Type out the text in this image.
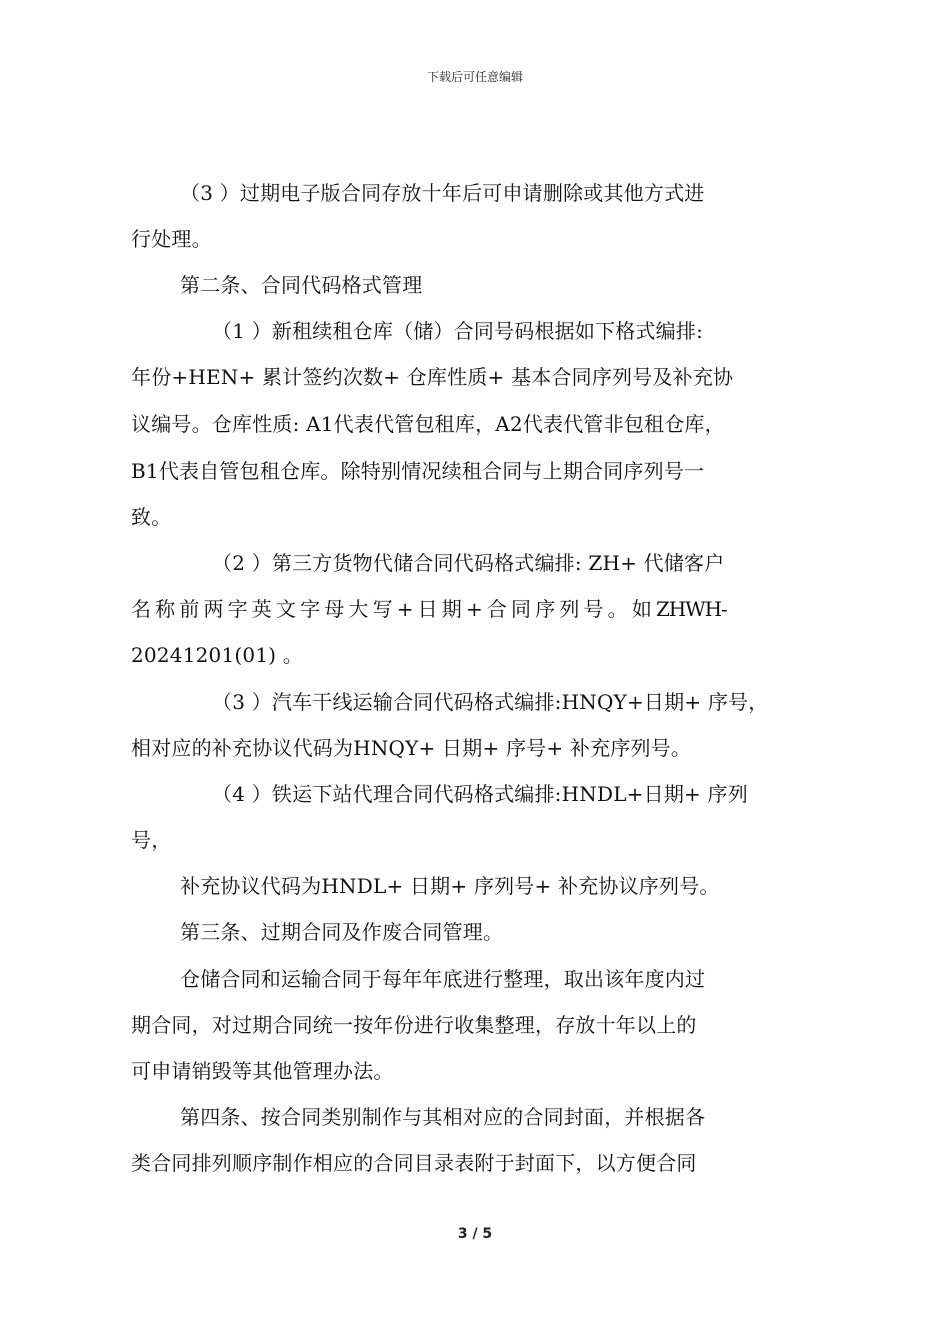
下载后可任意编辑
（3 ）过期电子版合同存放十年后可申请删除或其他方式进
行处理。
第二条、合同代码格式管理
（1 ）新租续租仓库（储）合同号码根据如下格式编排:
年份+HEN+ 累计签约次数+ 仓库性质+ 基本合同序列号及补充协
议编号。仓库性质: A1代表代管包租库，A2代表代管非包租仓库，
B1代表自管包租仓库。除特别情况续租合同与上期合同序列号一
致。
（2 ）第三方货物代储合同代码格式编排: ZH+ 代储客户
名 称 前 两 字 英 文 字 母 大 写 + 日 期 + 合 同 序 列 号 。 如 ZHWH-
20241201(01) 。
（3 ）汽车干线运输合同代码格式编排:HNQY+日期+ 序号，
相对应的补充协议代码为HNQY+ 日期+ 序号+ 补充序列号。
（4 ）铁运下站代理合同代码格式编排:HNDL+日期+ 序列
号，
补充协议代码为HNDL+ 日期+ 序列号+ 补充协议序列号。
第三条、过期合同及作废合同管理。
仓储合同和运输合同于每年年底进行整理，取出该年度内过
期合同，对过期合同统一按年份进行收集整理，存放十年以上的
可申请销毁等其他管理办法。
第四条、按合同类别制作与其相对应的合同封面，并根据各
类合同排列顺序制作相应的合同目录表附于封面下，以方便合同
3 / 5
